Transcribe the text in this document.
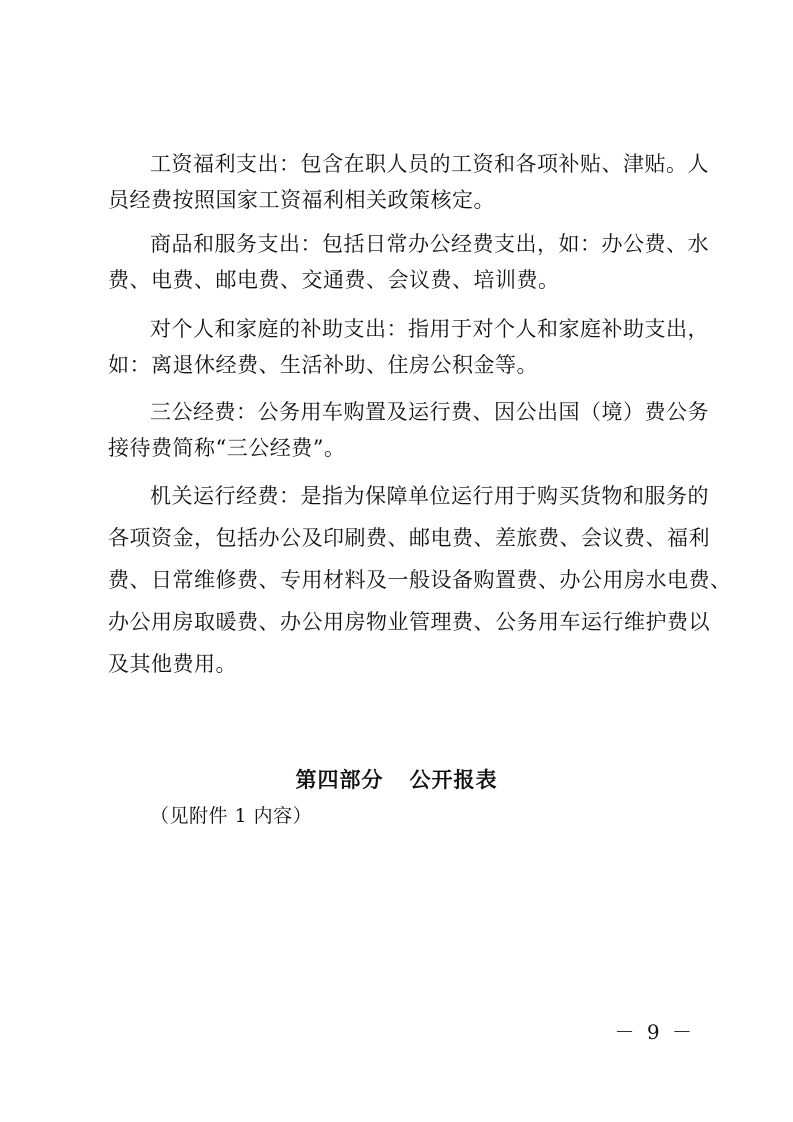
工资福利支出：包含在职人员的工资和各项补贴、津贴。人
员经费按照国家工资福利相关政策核定。
商品和服务支出：包括日常办公经费支出，如：办公费、水
费、电费、邮电费、交通费、会议费、培训费。
对个人和家庭的补助支出：指用于对个人和家庭补助支出，
如：离退休经费、生活补助、住房公积金等。
三公经费：公务用车购置及运行费、因公出国（境）费公务
接待费简称“三公经费”。
机关运行经费：是指为保障单位运行用于购买货物和服务的
各项资金，包括办公及印刷费、邮电费、差旅费、会议费、福利
费、日常维修费、专用材料及一般设备购置费、办公用房水电费、
办公用房取暖费、办公用房物业管理费、公务用车运行维护费以
及其他费用。
第四部分 公开报表
（见附件 1 内容）
－ 9 －
